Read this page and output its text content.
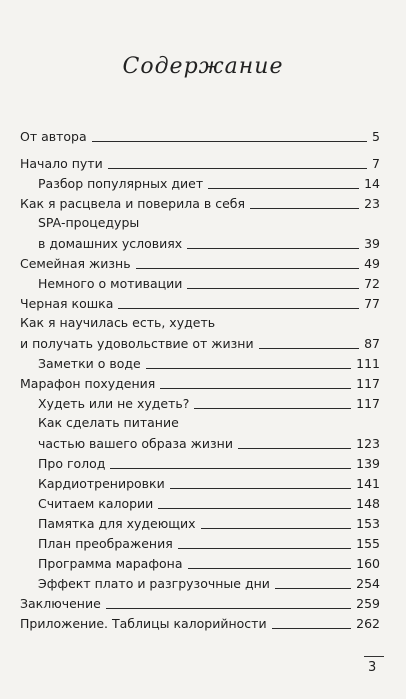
Содержание
От автора	5
Начало пути	7
Разбор популярных диет	14
Как я расцвела и поверила в себя	23
SPA-процедуры
в домашних условиях	39
Семейная жизнь	49
Немного о мотивации	72
Черная кошка	77
Как я научилась есть, худеть
и получать удовольствие от жизни	87
Заметки о воде	111
Марафон похудения	117
Худеть или не худеть?	117
Как сделать питание
частью вашего образа жизни	123
Про голод	139
Кардиотренировки	141
Считаем калории	148
Памятка для худеющих	153
План преображения	155
Программа марафона	160
Эффект плато и разгрузочные дни	254
Заключение	259
Приложение. Таблицы калорийности	262
3
